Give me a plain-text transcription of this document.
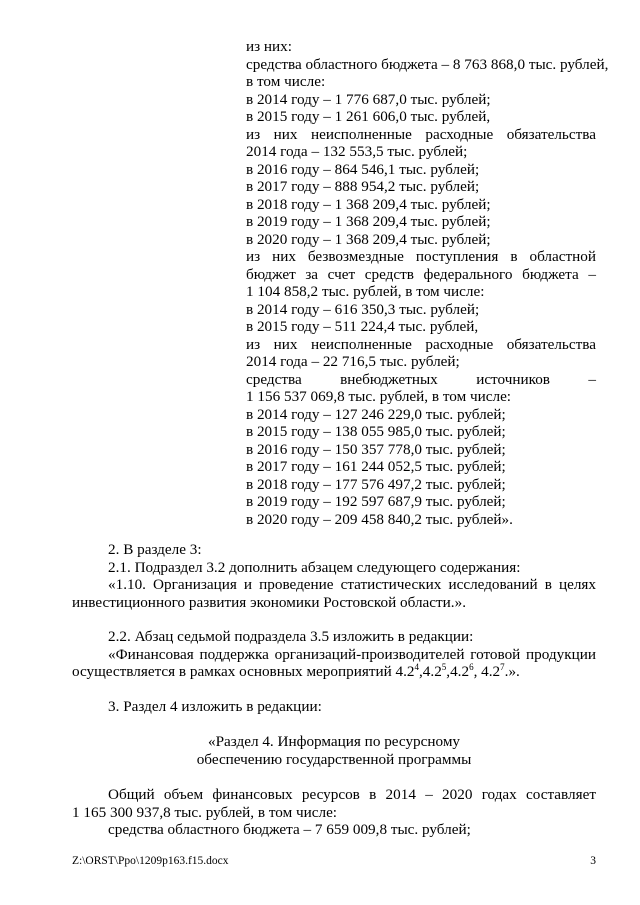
из них:
средства областного бюджета – 8 763 868,0 тыс. рублей,
в том числе:
в 2014 году – 1 776 687,0 тыс. рублей;
в 2015 году – 1 261 606,0 тыс. рублей,
из них неисполненные расходные обязательства
2014 года – 132 553,5 тыс. рублей;
в 2016 году – 864 546,1 тыс. рублей;
в 2017 году – 888 954,2 тыс. рублей;
в 2018 году – 1 368 209,4 тыс. рублей;
в 2019 году – 1 368 209,4 тыс. рублей;
в 2020 году – 1 368 209,4 тыс. рублей;
из них безвозмездные поступления в областной
бюджет за счет средств федерального бюджета –
1 104 858,2 тыс. рублей, в том числе:
в 2014 году – 616 350,3 тыс. рублей;
в 2015 году – 511 224,4 тыс. рублей,
из них неисполненные расходные обязательства
2014 года – 22 716,5 тыс. рублей;
средства	внебюджетных	источников	–
1 156 537 069,8 тыс. рублей, в том числе:
в 2014 году – 127 246 229,0 тыс. рублей;
в 2015 году – 138 055 985,0 тыс. рублей;
в 2016 году – 150 357 778,0 тыс. рублей;
в 2017 году – 161 244 052,5 тыс. рублей;
в 2018 году – 177 576 497,2 тыс. рублей;
в 2019 году – 192 597 687,9 тыс. рублей;
в 2020 году – 209 458 840,2 тыс. рублей».
2. В разделе 3:
2.1. Подраздел 3.2 дополнить абзацем следующего содержания:
«1.10. Организация и проведение статистических исследований в целях
инвестиционного развития экономики Ростовской области.».
2.2. Абзац седьмой подраздела 3.5 изложить в редакции:
«Финансовая поддержка организаций-производителей готовой продукции
осуществляется в рамках основных мероприятий $4.2^4,4.2^5,4.2^6$, $4.2^7$.».
3. Раздел 4 изложить в редакции:
«Раздел 4. Информация по ресурсному
обеспечению государственной программы
Общий объем финансовых ресурсов в 2014 – 2020 годах составляет
1 165 300 937,8 тыс. рублей, в том числе:
средства областного бюджета – 7 659 009,8 тыс. рублей;
Z:\ORST\Ppo\1209p163.f15.docx	3
